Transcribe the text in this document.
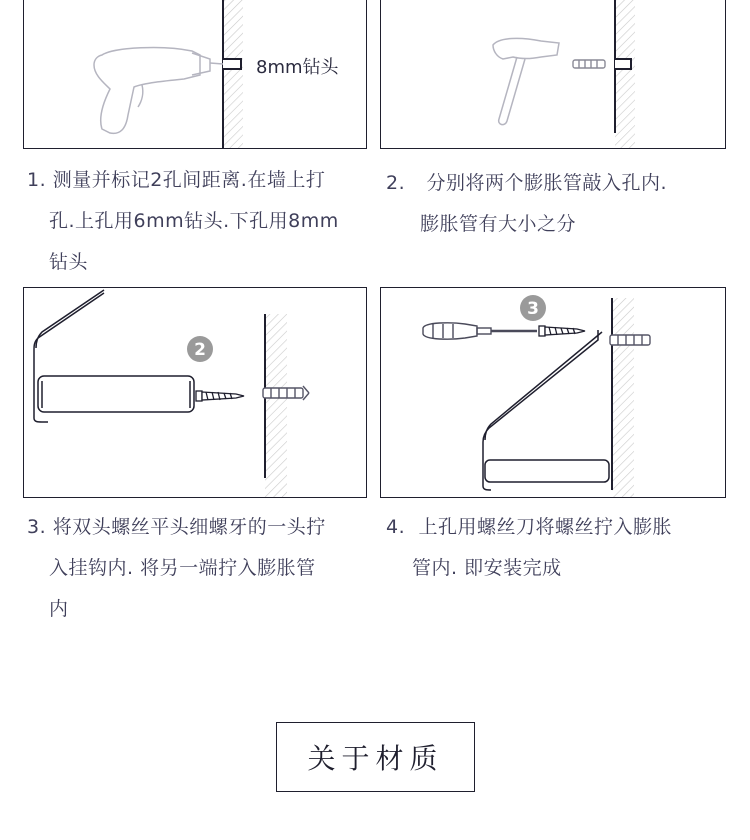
8mm钻头
1. 测量并标记2孔间距离.在墙上打
孔.上孔用6mm钻头.下孔用8mm
钻头
2. 分别将两个膨胀管敲入孔内.
膨胀管有大小之分
2
3
3. 将双头螺丝平头细螺牙的一头拧
入挂钩内. 将另一端拧入膨胀管
内
4. 上孔用螺丝刀将螺丝拧入膨胀
管内. 即安装完成
关于材质
